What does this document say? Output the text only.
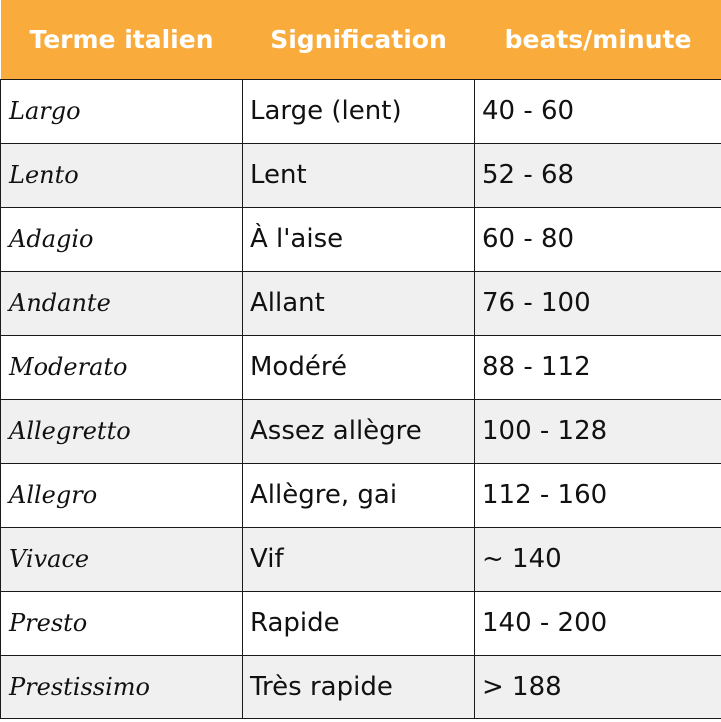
Terme italien	Signification	beats/minute
Largo	Large (lent)	40 - 60
Lento	Lent	52 - 68
Adagio	À l'aise	60 - 80
Andante	Allant	76 - 100
Moderato	Modéré	88 - 112
Allegretto	Assez allègre	100 - 128
Allegro	Allègre, gai	112 - 160
Vivace	Vif	~ 140
Presto	Rapide	140 - 200
Prestissimo	Très rapide	> 188
